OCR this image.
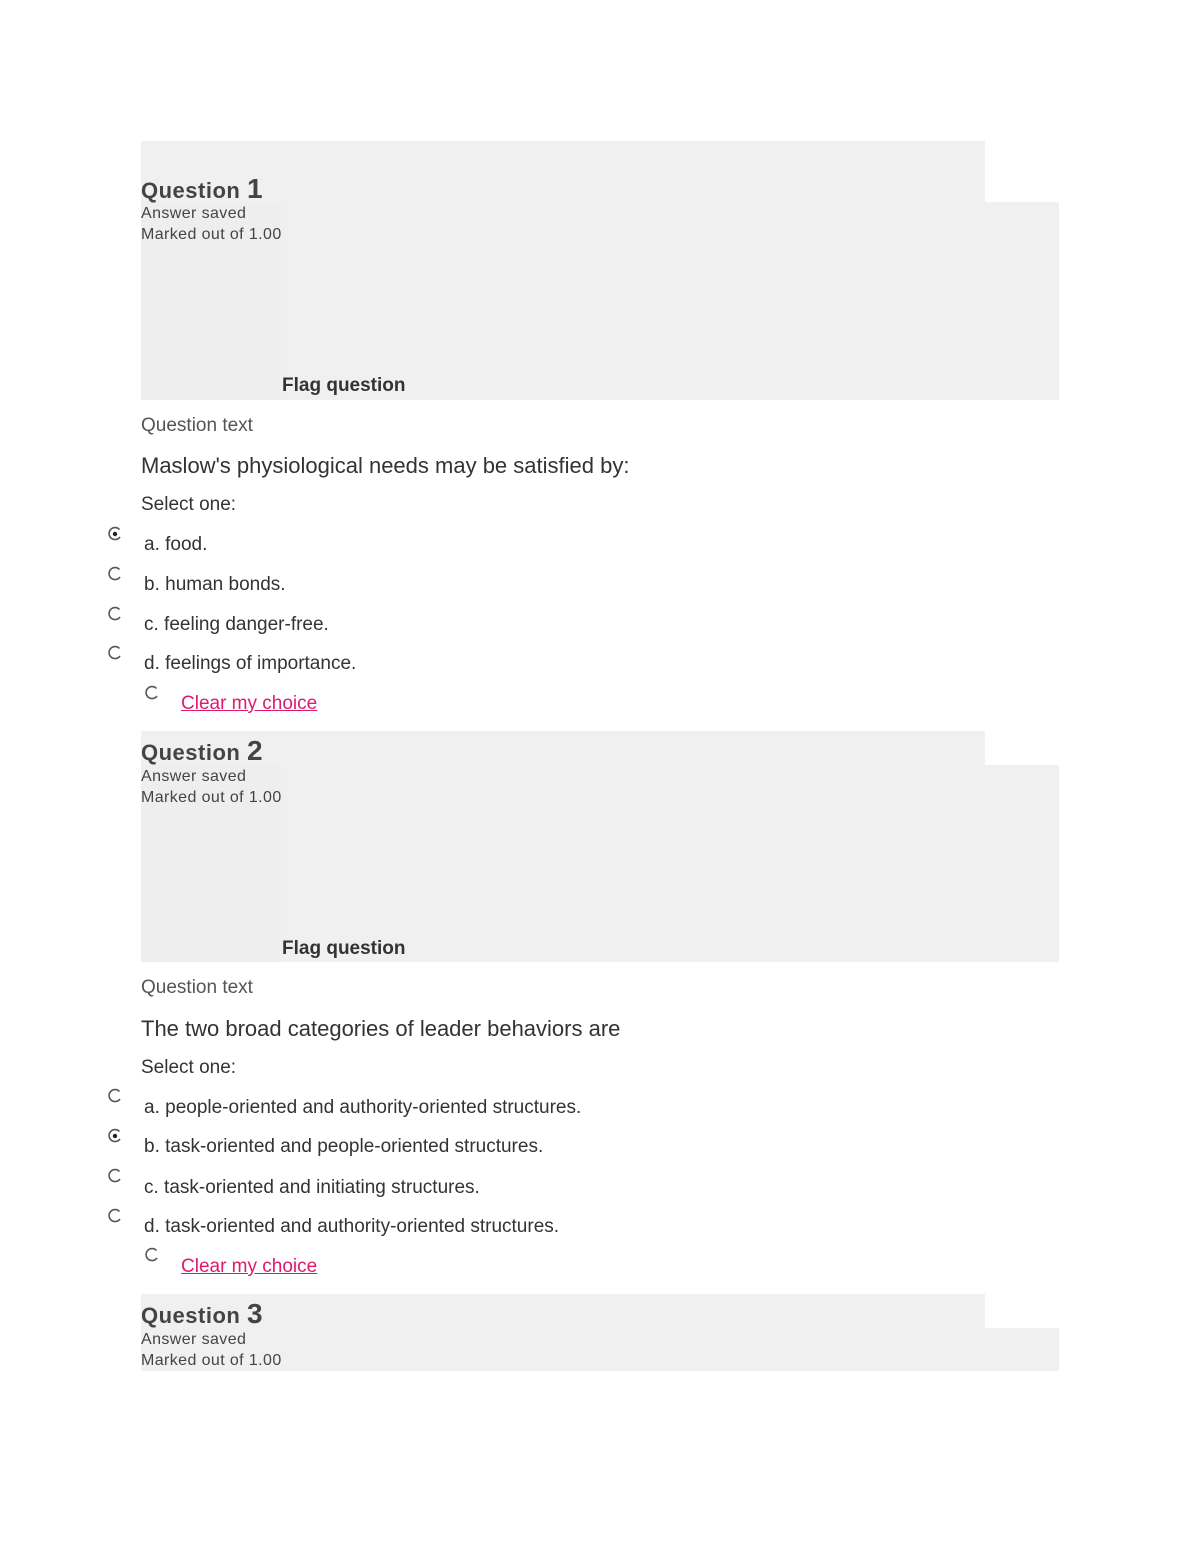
Question 1
Answer saved
Marked out of 1.00
Flag question
Question text
Maslow's physiological needs may be satisfied by:
Select one:
a. food.
b. human bonds.
c. feeling danger-free.
d. feelings of importance.
Clear my choice
Question 2
Answer saved
Marked out of 1.00
Flag question
Question text
The two broad categories of leader behaviors are
Select one:
a. people-oriented and authority-oriented structures.
b. task-oriented and people-oriented structures.
c. task-oriented and initiating structures.
d. task-oriented and authority-oriented structures.
Clear my choice
Question 3
Answer saved
Marked out of 1.00
